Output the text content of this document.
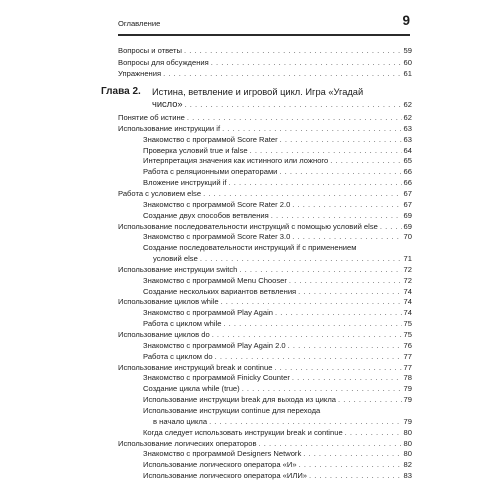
Оглавление	9
Глава 2. Истина, ветвление и игровой цикл. Игра «Угадай
Вопросы и ответы . . .	59
Вопросы для обсуждения . . .	60
Упражнения . . .	61
число» . . .	62
Понятие об истине . . .	62
Использование инструкции if . . .	63
Знакомство с программой Score Rater . . .	63
Проверка условий true и false . . .	64
Интерпретация значения как истинного или ложного . . .	65
Работа с реляционными операторами . . .	66
Вложение инструкций if . . .	66
Работа с условием else . . .	67
Знакомство с программой Score Rater 2.0 . . .	67
Создание двух способов ветвления . . .	69
Использование последовательности инструкций с помощью условий else . . .	69
Знакомство с программой Score Rater 3.0 . . .	70
Создание последовательности инструкций if с применением
условий else . . .	71
Использование инструкции switch . . .	72
Знакомство с программой Menu Chooser . . .	72
Создание нескольких вариантов ветвления . . .	74
Использование циклов while . . .	74
Знакомство с программой Play Again . . .	74
Работа с циклом while . . .	75
Использование циклов do . . .	75
Знакомство с программой Play Again 2.0 . . .	76
Работа с циклом do . . .	77
Использование инструкций break и continue . . .	77
Знакомство с программой Finicky Counter . . .	78
Создание цикла while (true) . . .	79
Использование инструкции break для выхода из цикла . . .	79
Использование инструкции continue для перехода
в начало цикла . . .	79
Когда следует использовать инструкции break и continue . . .	80
Использование логических операторов . . .	80
Знакомство с программой Designers Network . . .	80
Использование логического оператора «И» . . .	82
Использование логического оператора «ИЛИ» . . .	83
